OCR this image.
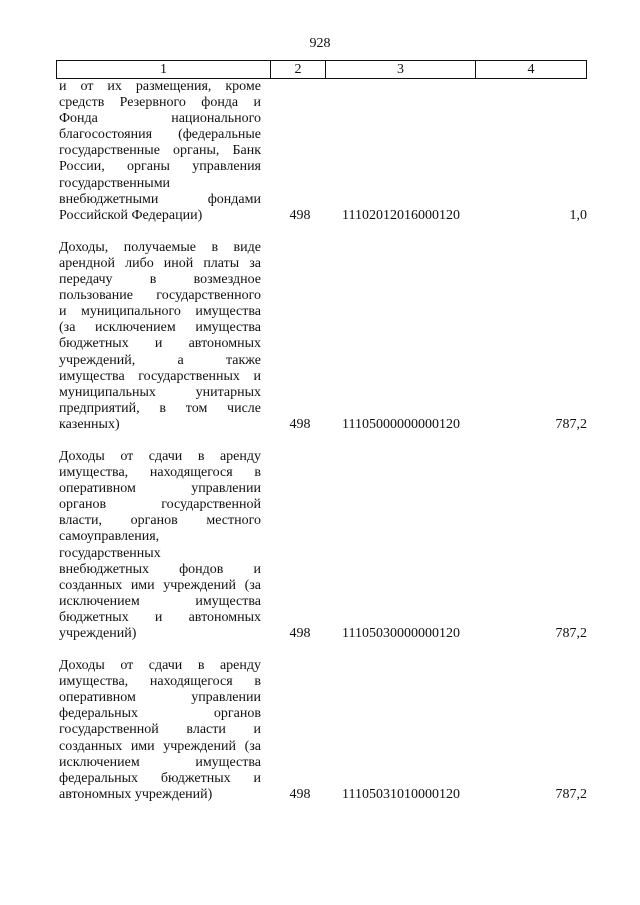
928
1	2	3	4
и от их размещения, кроме
средств Резервного фонда и
Фонда национального
благосостояния (федеральные
государственные органы, Банк
России, органы управления
государственными
внебюджетными фондами
Российской Федерации)	498	11102012016000120	1,0
Доходы, получаемые в виде
арендной либо иной платы за
передачу в возмездное
пользование государственного
и муниципального имущества
(за исключением имущества
бюджетных и автономных
учреждений, а также
имущества государственных и
муниципальных унитарных
предприятий, в том числе
казенных)	498	11105000000000120	787,2
Доходы от сдачи в аренду
имущества, находящегося в
оперативном управлении
органов государственной
власти, органов местного
самоуправления,
государственных
внебюджетных фондов и
созданных ими учреждений (за
исключением имущества
бюджетных и автономных
учреждений)	498	11105030000000120	787,2
Доходы от сдачи в аренду
имущества, находящегося в
оперативном управлении
федеральных органов
государственной власти и
созданных ими учреждений (за
исключением имущества
федеральных бюджетных и
автономных учреждений)	498	11105031010000120	787,2
